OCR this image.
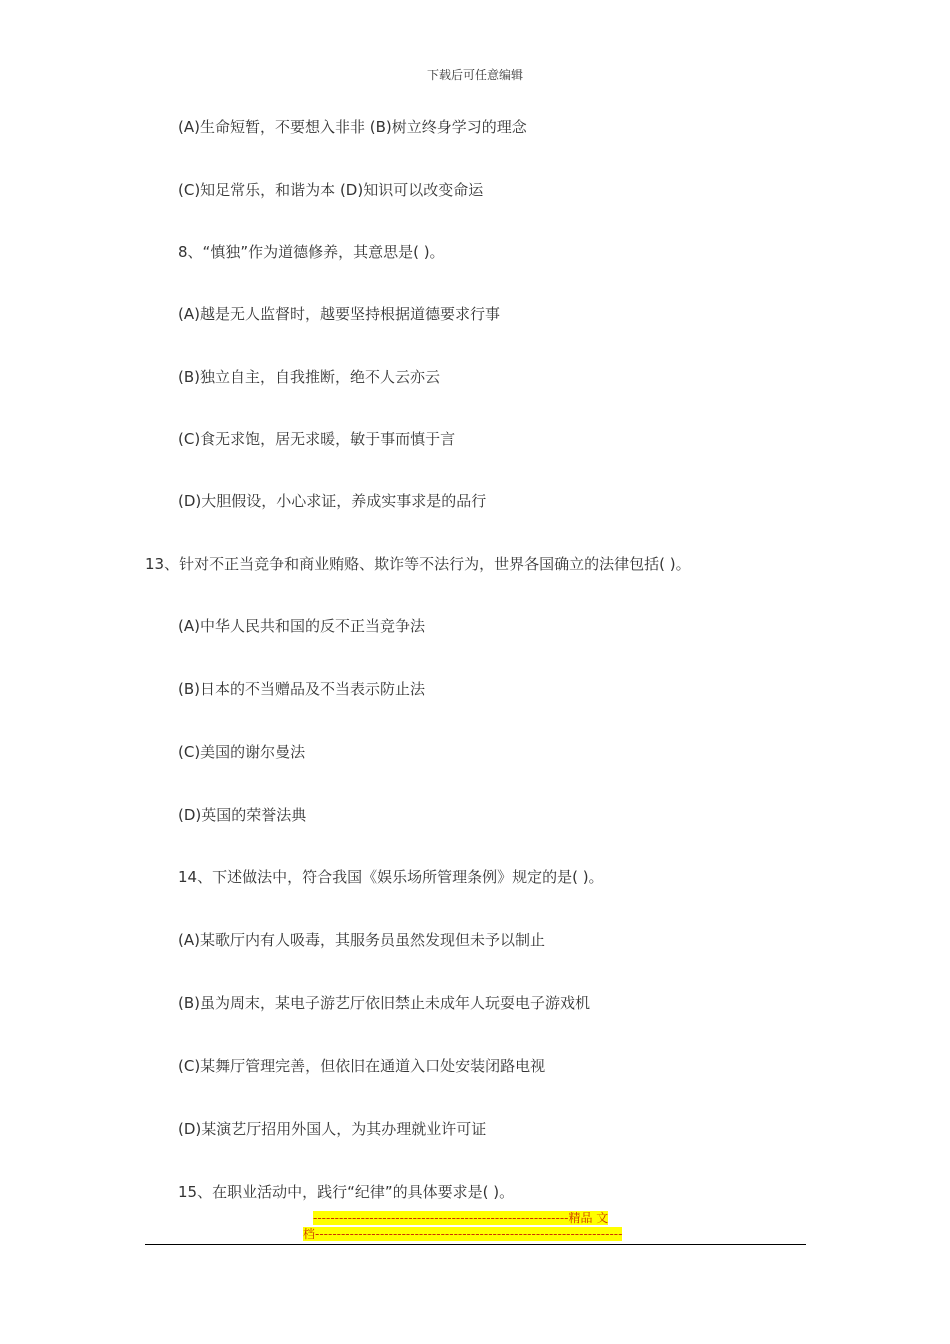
下载后可任意编辑
(A)生命短暂，不要想入非非 (B)树立终身学习的理念
(C)知足常乐，和谐为本 (D)知识可以改变命运
8、“慎独”作为道德修养，其意思是( )。
(A)越是无人监督时，越要坚持根据道德要求行事
(B)独立自主，自我推断，绝不人云亦云
(C)食无求饱，居无求暖，敏于事而慎于言
(D)大胆假设，小心求证，养成实事求是的品行
13、针对不正当竞争和商业贿赂、欺诈等不法行为，世界各国确立的法律包括( )。
(A)中华人民共和国的反不正当竞争法
(B)日本的不当赠品及不当表示防止法
(C)美国的谢尔曼法
(D)英国的荣誉法典
14、下述做法中，符合我国《娱乐场所管理条例》规定的是( )。
(A)某歌厅内有人吸毒，其服务员虽然发现但未予以制止
(B)虽为周末，某电子游艺厅依旧禁止未成年人玩耍电子游戏机
(C)某舞厅管理完善，但依旧在通道入口处安装闭路电视
(D)某演艺厅招用外国人，为其办理就业许可证
15、在职业活动中，践行“纪律”的具体要求是( )。
-----------------------------------------------------------精品 文
档-----------------------------------------------------------------------
